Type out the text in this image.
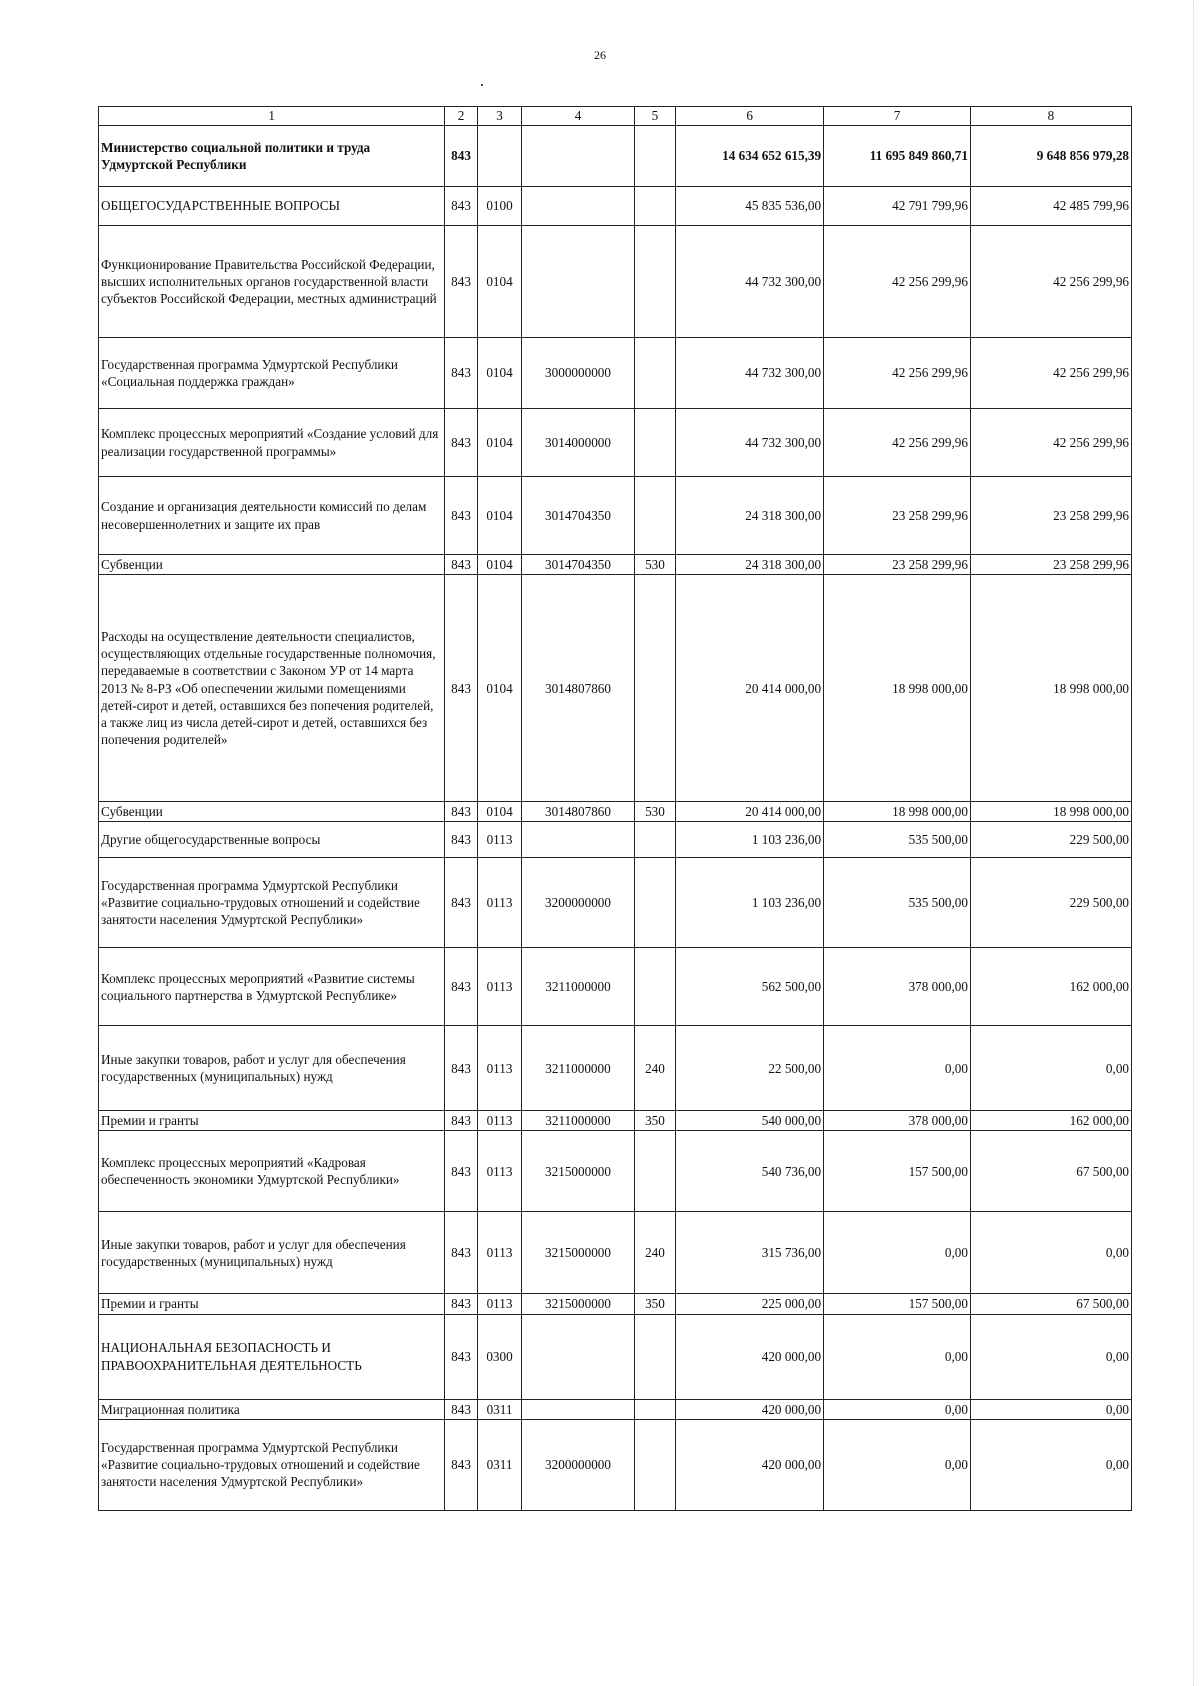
26
1	2	3	4	5	6	7	8
Министерство социальной политики и труда Удмуртской Республики	843				14 634 652 615,39	11 695 849 860,71	9 648 856 979,28
ОБЩЕГОСУДАРСТВЕННЫЕ ВОПРОСЫ	843	0100			45 835 536,00	42 791 799,96	42 485 799,96
Функционирование Правительства Российской Федерации, высших исполнительных органов государственной власти субъектов Российской Федерации, местных администраций	843	0104			44 732 300,00	42 256 299,96	42 256 299,96
Государственная программа Удмуртской Республики «Социальная поддержка граждан»	843	0104	3000000000		44 732 300,00	42 256 299,96	42 256 299,96
Комплекс процессных мероприятий «Создание условий для реализации государственной программы»	843	0104	3014000000		44 732 300,00	42 256 299,96	42 256 299,96
Создание и организация деятельности комиссий по делам несовершеннолетних и защите их прав	843	0104	3014704350		24 318 300,00	23 258 299,96	23 258 299,96
Субвенции	843	0104	3014704350	530	24 318 300,00	23 258 299,96	23 258 299,96
Расходы на осуществление деятельности специалистов, осуществляющих отдельные государственные полномочия, передаваемые в соответствии с Законом УР от 14 марта 2013 № 8-РЗ «Об опеспечении жилыми помещениями детей-сирот и детей, оставшихся без попечения родителей, а также лиц из числа детей-сирот и детей, оставшихся без попечения родителей»	843	0104	3014807860		20 414 000,00	18 998 000,00	18 998 000,00
Субвенции	843	0104	3014807860	530	20 414 000,00	18 998 000,00	18 998 000,00
Другие общегосударственные вопросы	843	0113			1 103 236,00	535 500,00	229 500,00
Государственная программа Удмуртской Республики «Развитие социально-трудовых отношений и содействие занятости населения Удмуртской Республики»	843	0113	3200000000		1 103 236,00	535 500,00	229 500,00
Комплекс процессных мероприятий «Развитие системы социального партнерства в Удмуртской Республике»	843	0113	3211000000		562 500,00	378 000,00	162 000,00
Иные закупки товаров, работ и услуг для обеспечения государственных (муниципальных) нужд	843	0113	3211000000	240	22 500,00	0,00	0,00
Премии и гранты	843	0113	3211000000	350	540 000,00	378 000,00	162 000,00
Комплекс процессных мероприятий «Кадровая обеспеченность экономики Удмуртской Республики»	843	0113	3215000000		540 736,00	157 500,00	67 500,00
Иные закупки товаров, работ и услуг для обеспечения государственных (муниципальных) нужд	843	0113	3215000000	240	315 736,00	0,00	0,00
Премии и гранты	843	0113	3215000000	350	225 000,00	157 500,00	67 500,00
НАЦИОНАЛЬНАЯ БЕЗОПАСНОСТЬ И ПРАВООХРАНИТЕЛЬНАЯ ДЕЯТЕЛЬНОСТЬ	843	0300			420 000,00	0,00	0,00
Миграционная политика	843	0311			420 000,00	0,00	0,00
Государственная программа Удмуртской Республики «Развитие социально-трудовых отношений и содействие занятости населения Удмуртской Республики»	843	0311	3200000000		420 000,00	0,00	0,00
